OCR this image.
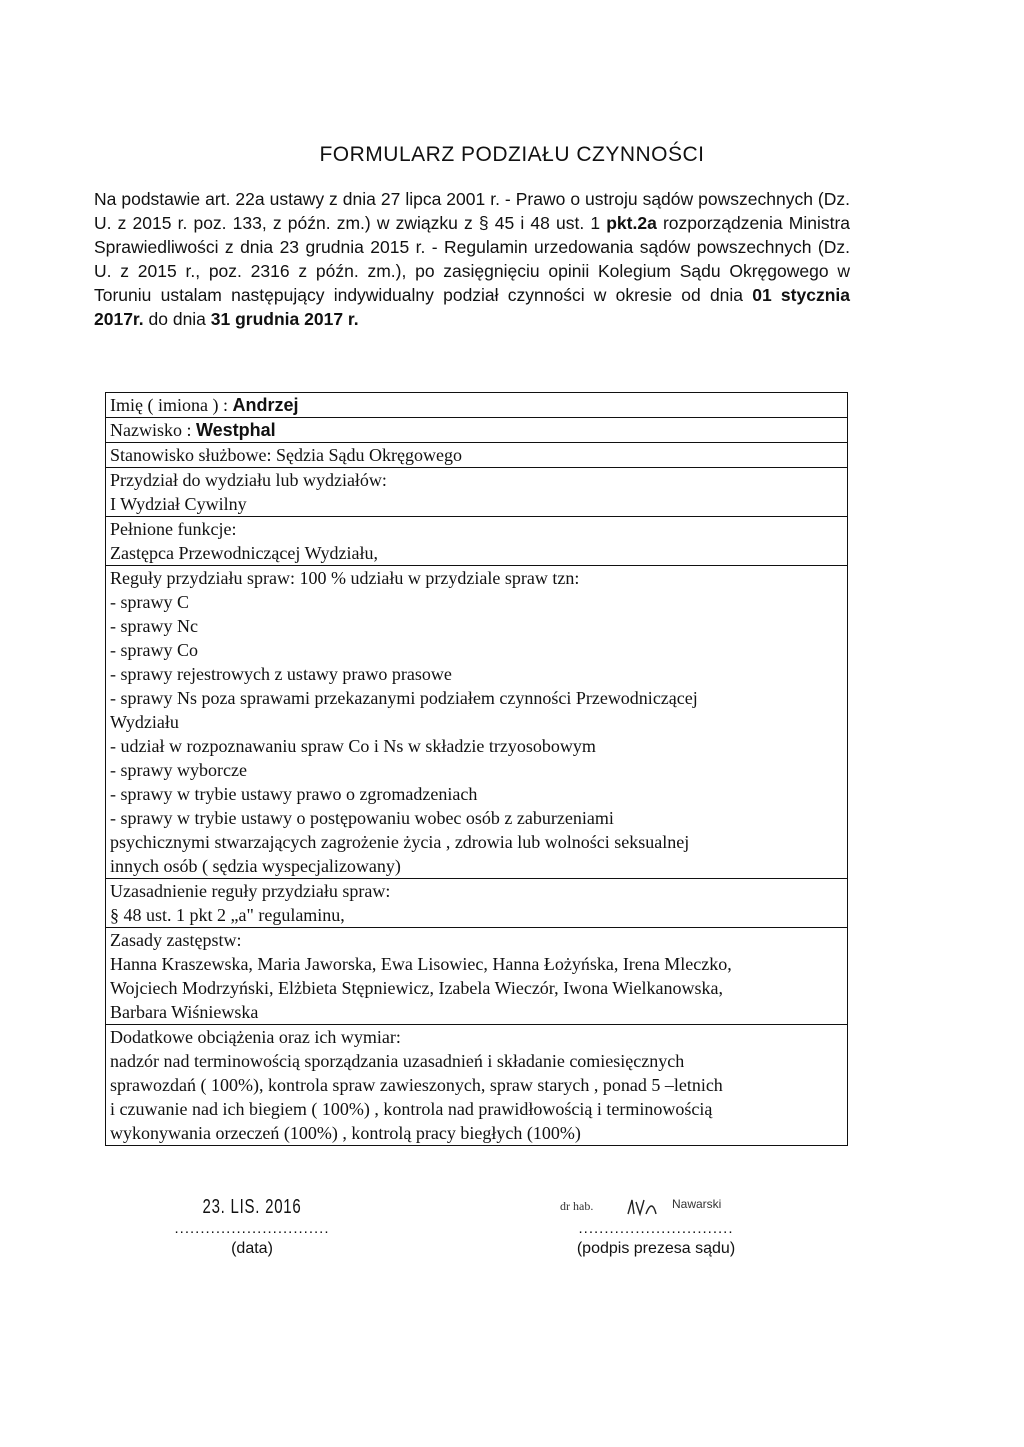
FORMULARZ PODZIAŁU CZYNNOŚCI

Na podstawie art. 22a ustawy z dnia 27 lipca 2001 r. - Prawo o ustroju sądów powszechnych (Dz. U. z 2015 r. poz. 133, z późn. zm.) w związku z § 45 i 48 ust. 1 pkt.2a rozporządzenia Ministra Sprawiedliwości z dnia 23 grudnia 2015 r. - Regulamin urzedowania sądów powszechnych (Dz. U. z 2015 r., poz. 2316 z późn. zm.), po zasięgnięciu opinii Kolegium Sądu Okręgowego w Toruniu ustalam następujący indywidualny podział czynności w okresie od dnia 01 stycznia 2017r. do dnia 31 grudnia 2017 r.

Imię ( imiona ) : Andrzej
Nazwisko : Westphal
Stanowisko służbowe: Sędzia Sądu Okręgowego
Przydział do wydziału lub wydziałów:
I Wydział Cywilny
Pełnione funkcje:
Zastępca Przewodniczącej Wydziału,
Reguły przydziału spraw: 100 % udziału w przydziale spraw tzn:
- sprawy C
- sprawy Nc
- sprawy Co
- sprawy rejestrowych z ustawy prawo prasowe
- sprawy Ns poza sprawami przekazanymi podziałem czynności Przewodniczącej
Wydziału
- udział w rozpoznawaniu spraw Co i Ns w składzie trzyosobowym
- sprawy wyborcze
- sprawy w trybie ustawy prawo o zgromadzeniach
- sprawy w trybie ustawy o postępowaniu wobec osób z zaburzeniami
psychicznymi stwarzających zagrożenie życia , zdrowia lub wolności seksualnej
innych osób ( sędzia wyspecjalizowany)
Uzasadnienie reguły przydziału spraw:
§ 48 ust. 1 pkt 2 „a" regulaminu,
Zasady zastępstw:
Hanna Kraszewska, Maria Jaworska, Ewa Lisowiec, Hanna Łożyńska, Irena Mleczko,
Wojciech Modrzyński, Elżbieta Stępniewicz, Izabela Wieczór, Iwona Wielkanowska,
Barbara Wiśniewska
Dodatkowe obciążenia oraz ich wymiar:
nadzór nad terminowością sporządzania uzasadnień i składanie comiesięcznych
sprawozdań ( 100%), kontrola spraw zawieszonych, spraw starych , ponad 5 –letnich
i czuwanie nad ich biegiem ( 100%) , kontrola nad prawidłowością i terminowością
wykonywania orzeczeń (100%) , kontrolą pracy biegłych (100%)
23. LIS. 2016
..............................
(data)
dr hab.	Nawarski
..............................
(podpis prezesa sądu)
